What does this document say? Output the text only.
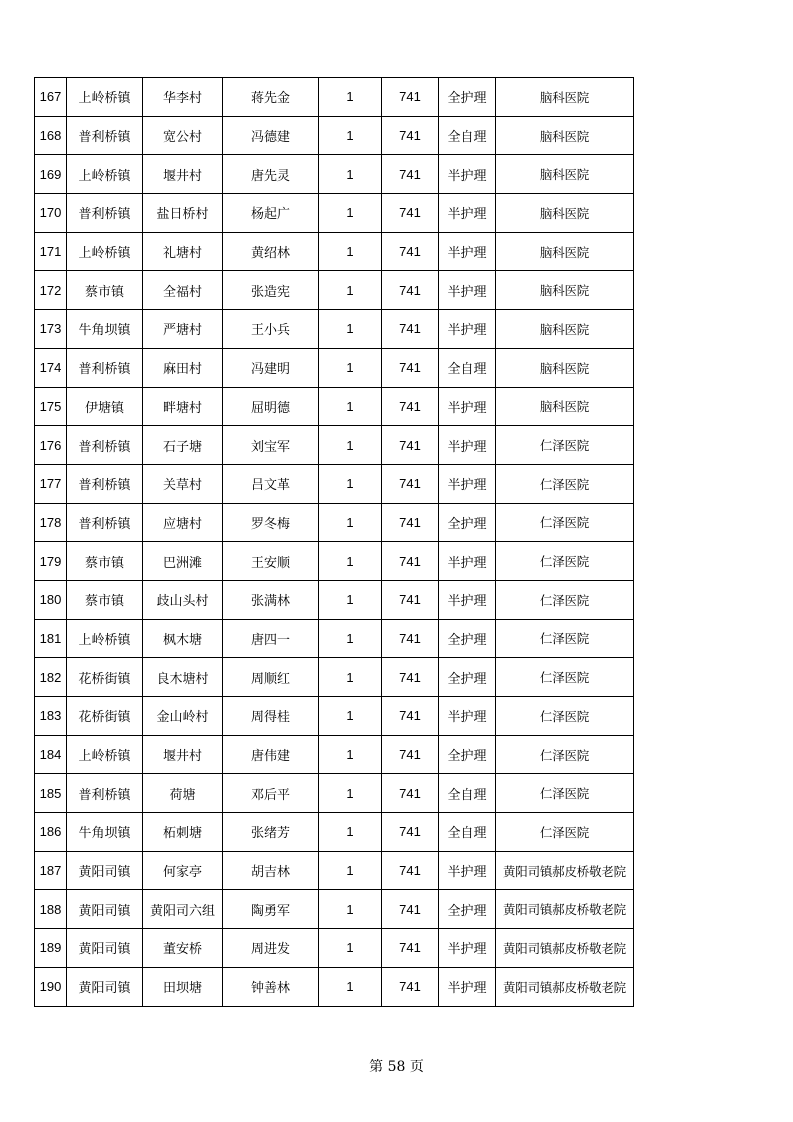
167	上岭桥镇	华李村	蒋先金	1	741	全护理	脑科医院
168	普利桥镇	宽公村	冯德建	1	741	全自理	脑科医院
169	上岭桥镇	堰井村	唐先灵	1	741	半护理	脑科医院
170	普利桥镇	盐日桥村	杨起广	1	741	半护理	脑科医院
171	上岭桥镇	礼塘村	黄绍林	1	741	半护理	脑科医院
172	蔡市镇	全福村	张造宪	1	741	半护理	脑科医院
173	牛角坝镇	严塘村	王小兵	1	741	半护理	脑科医院
174	普利桥镇	麻田村	冯建明	1	741	全自理	脑科医院
175	伊塘镇	畔塘村	屈明德	1	741	半护理	脑科医院
176	普利桥镇	石子塘	刘宝军	1	741	半护理	仁泽医院
177	普利桥镇	关草村	吕文革	1	741	半护理	仁泽医院
178	普利桥镇	应塘村	罗冬梅	1	741	全护理	仁泽医院
179	蔡市镇	巴洲滩	王安顺	1	741	半护理	仁泽医院
180	蔡市镇	歧山头村	张满林	1	741	半护理	仁泽医院
181	上岭桥镇	枫木塘	唐四一	1	741	全护理	仁泽医院
182	花桥街镇	良木塘村	周顺红	1	741	全护理	仁泽医院
183	花桥街镇	金山岭村	周得桂	1	741	半护理	仁泽医院
184	上岭桥镇	堰井村	唐伟建	1	741	全护理	仁泽医院
185	普利桥镇	荷塘	邓后平	1	741	全自理	仁泽医院
186	牛角坝镇	柘刺塘	张绪芳	1	741	全自理	仁泽医院
187	黄阳司镇	何家亭	胡吉林	1	741	半护理	黄阳司镇郝皮桥敬老院
188	黄阳司镇	黄阳司六组	陶勇军	1	741	全护理	黄阳司镇郝皮桥敬老院
189	黄阳司镇	董安桥	周进发	1	741	半护理	黄阳司镇郝皮桥敬老院
190	黄阳司镇	田坝塘	钟善林	1	741	半护理	黄阳司镇郝皮桥敬老院
第 58 页
